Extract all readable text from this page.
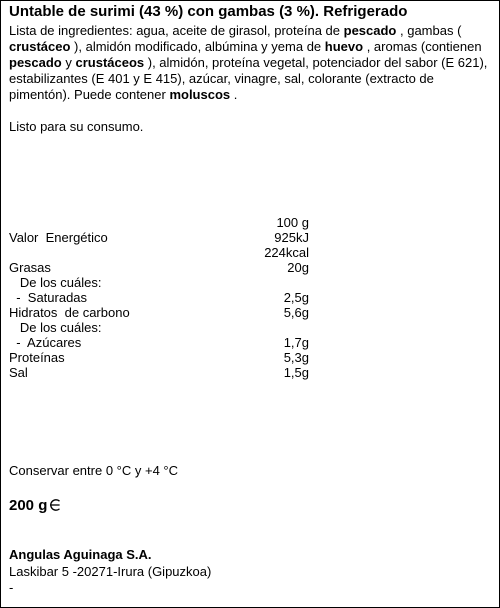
Untable de surimi (43 %) con gambas (3 %). Refrigerado
Lista de ingredientes: agua, aceite de girasol, proteína de pescado , gambas ( crustáceo ), almidón modificado, albúmina y yema de huevo , aromas (contienen pescado y crustáceos ), almidón, proteína vegetal, potenciador del sabor (E 621), estabilizantes (E 401 y E 415), azúcar, vinagre, sal, colorante (extracto de pimentón). Puede contener moluscos .
Listo para su consumo.
100 g
Valor  Energético	925kJ
224kcal
Grasas	20g
De los cuáles:
-  Saturadas	2,5g
Hidratos  de carbono	5,6g
De los cuáles:
-  Azúcares	1,7g
Proteínas	5,3g
Sal	1,5g
Conservar entre 0 °C y +4 °C
200 g
Angulas Aguinaga S.A.
Laskibar 5 -20271-Irura (Gipuzkoa)
-
